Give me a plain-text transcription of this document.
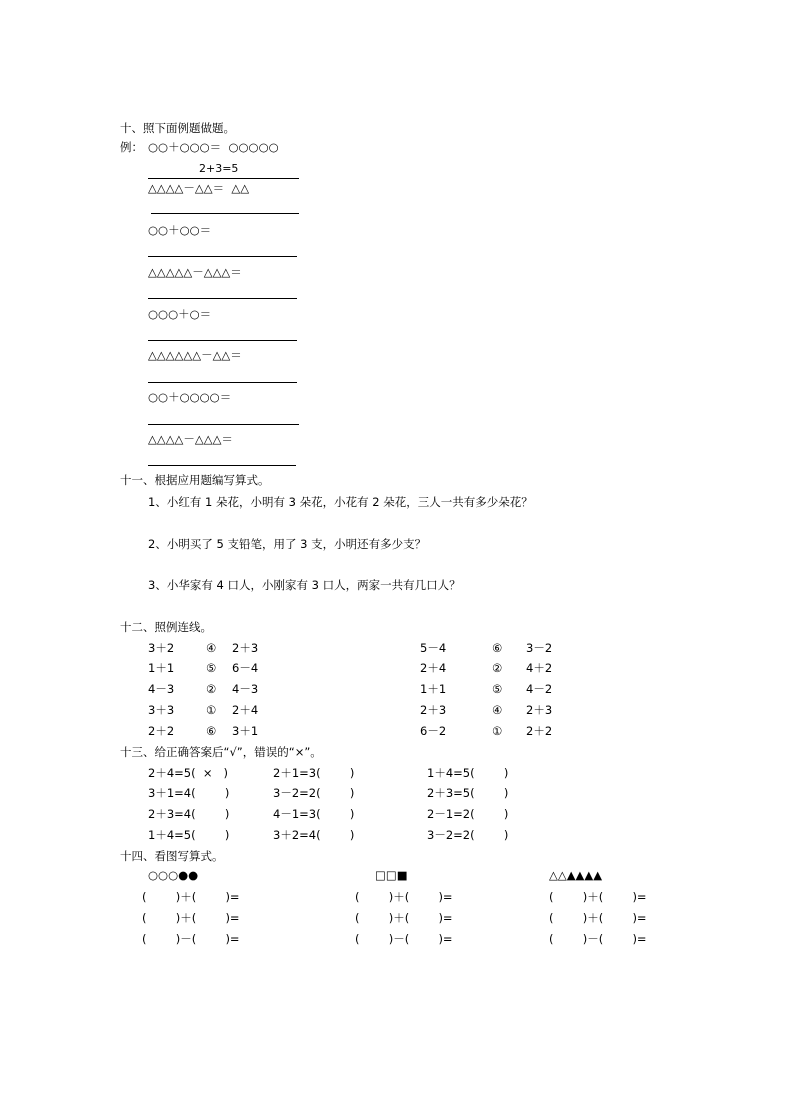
十、照下面例题做题。
例： ○○＋○○○＝  ○○○○○
2+3=5
△△△△－△△＝  △△
○○＋○○＝
△△△△△－△△△＝
○○○＋○＝
△△△△△△－△△＝
○○＋○○○○＝
△△△△－△△△＝
十一、根据应用题编写算式。
1、小红有 1 朵花，小明有 3 朵花，小花有 2 朵花，三人一共有多少朵花？
2、小明买了 5 支铅笔，用了 3 支，小明还有多少支？
3、小华家有 4 口人，小刚家有 3 口人，两家一共有几口人？
十二、照例连线。
3＋2
1＋1
4－3
3＋3
2＋2
④
⑤
②
①
⑥
2＋3
6－4
4－3
2＋4
3＋1
5－4
2＋4
1＋1
2＋3
6－2
⑥
②
⑤
④
①
3－2
4＋2
4－2
2＋3
2＋2
十三、给正确答案后“√”，错误的“×”。
2＋4=5(  ×   )
3＋1=4(        )
2＋3=4(        )
1＋4=5(        )
2＋1=3(        )
3－2=2(        )
4－1=3(        )
3＋2=4(        )
1＋4=5(        )
2＋3=5(        )
2－1=2(        )
3－2=2(        )
十四、看图写算式。
○○○●●
(        )＋(        )=
(        )＋(        )=
(        )－(        )=
□□■
(        )＋(        )=
(        )＋(        )=
(        )－(        )=
△△▲▲▲▲
(        )＋(        )=
(        )＋(        )=
(        )－(        )=
